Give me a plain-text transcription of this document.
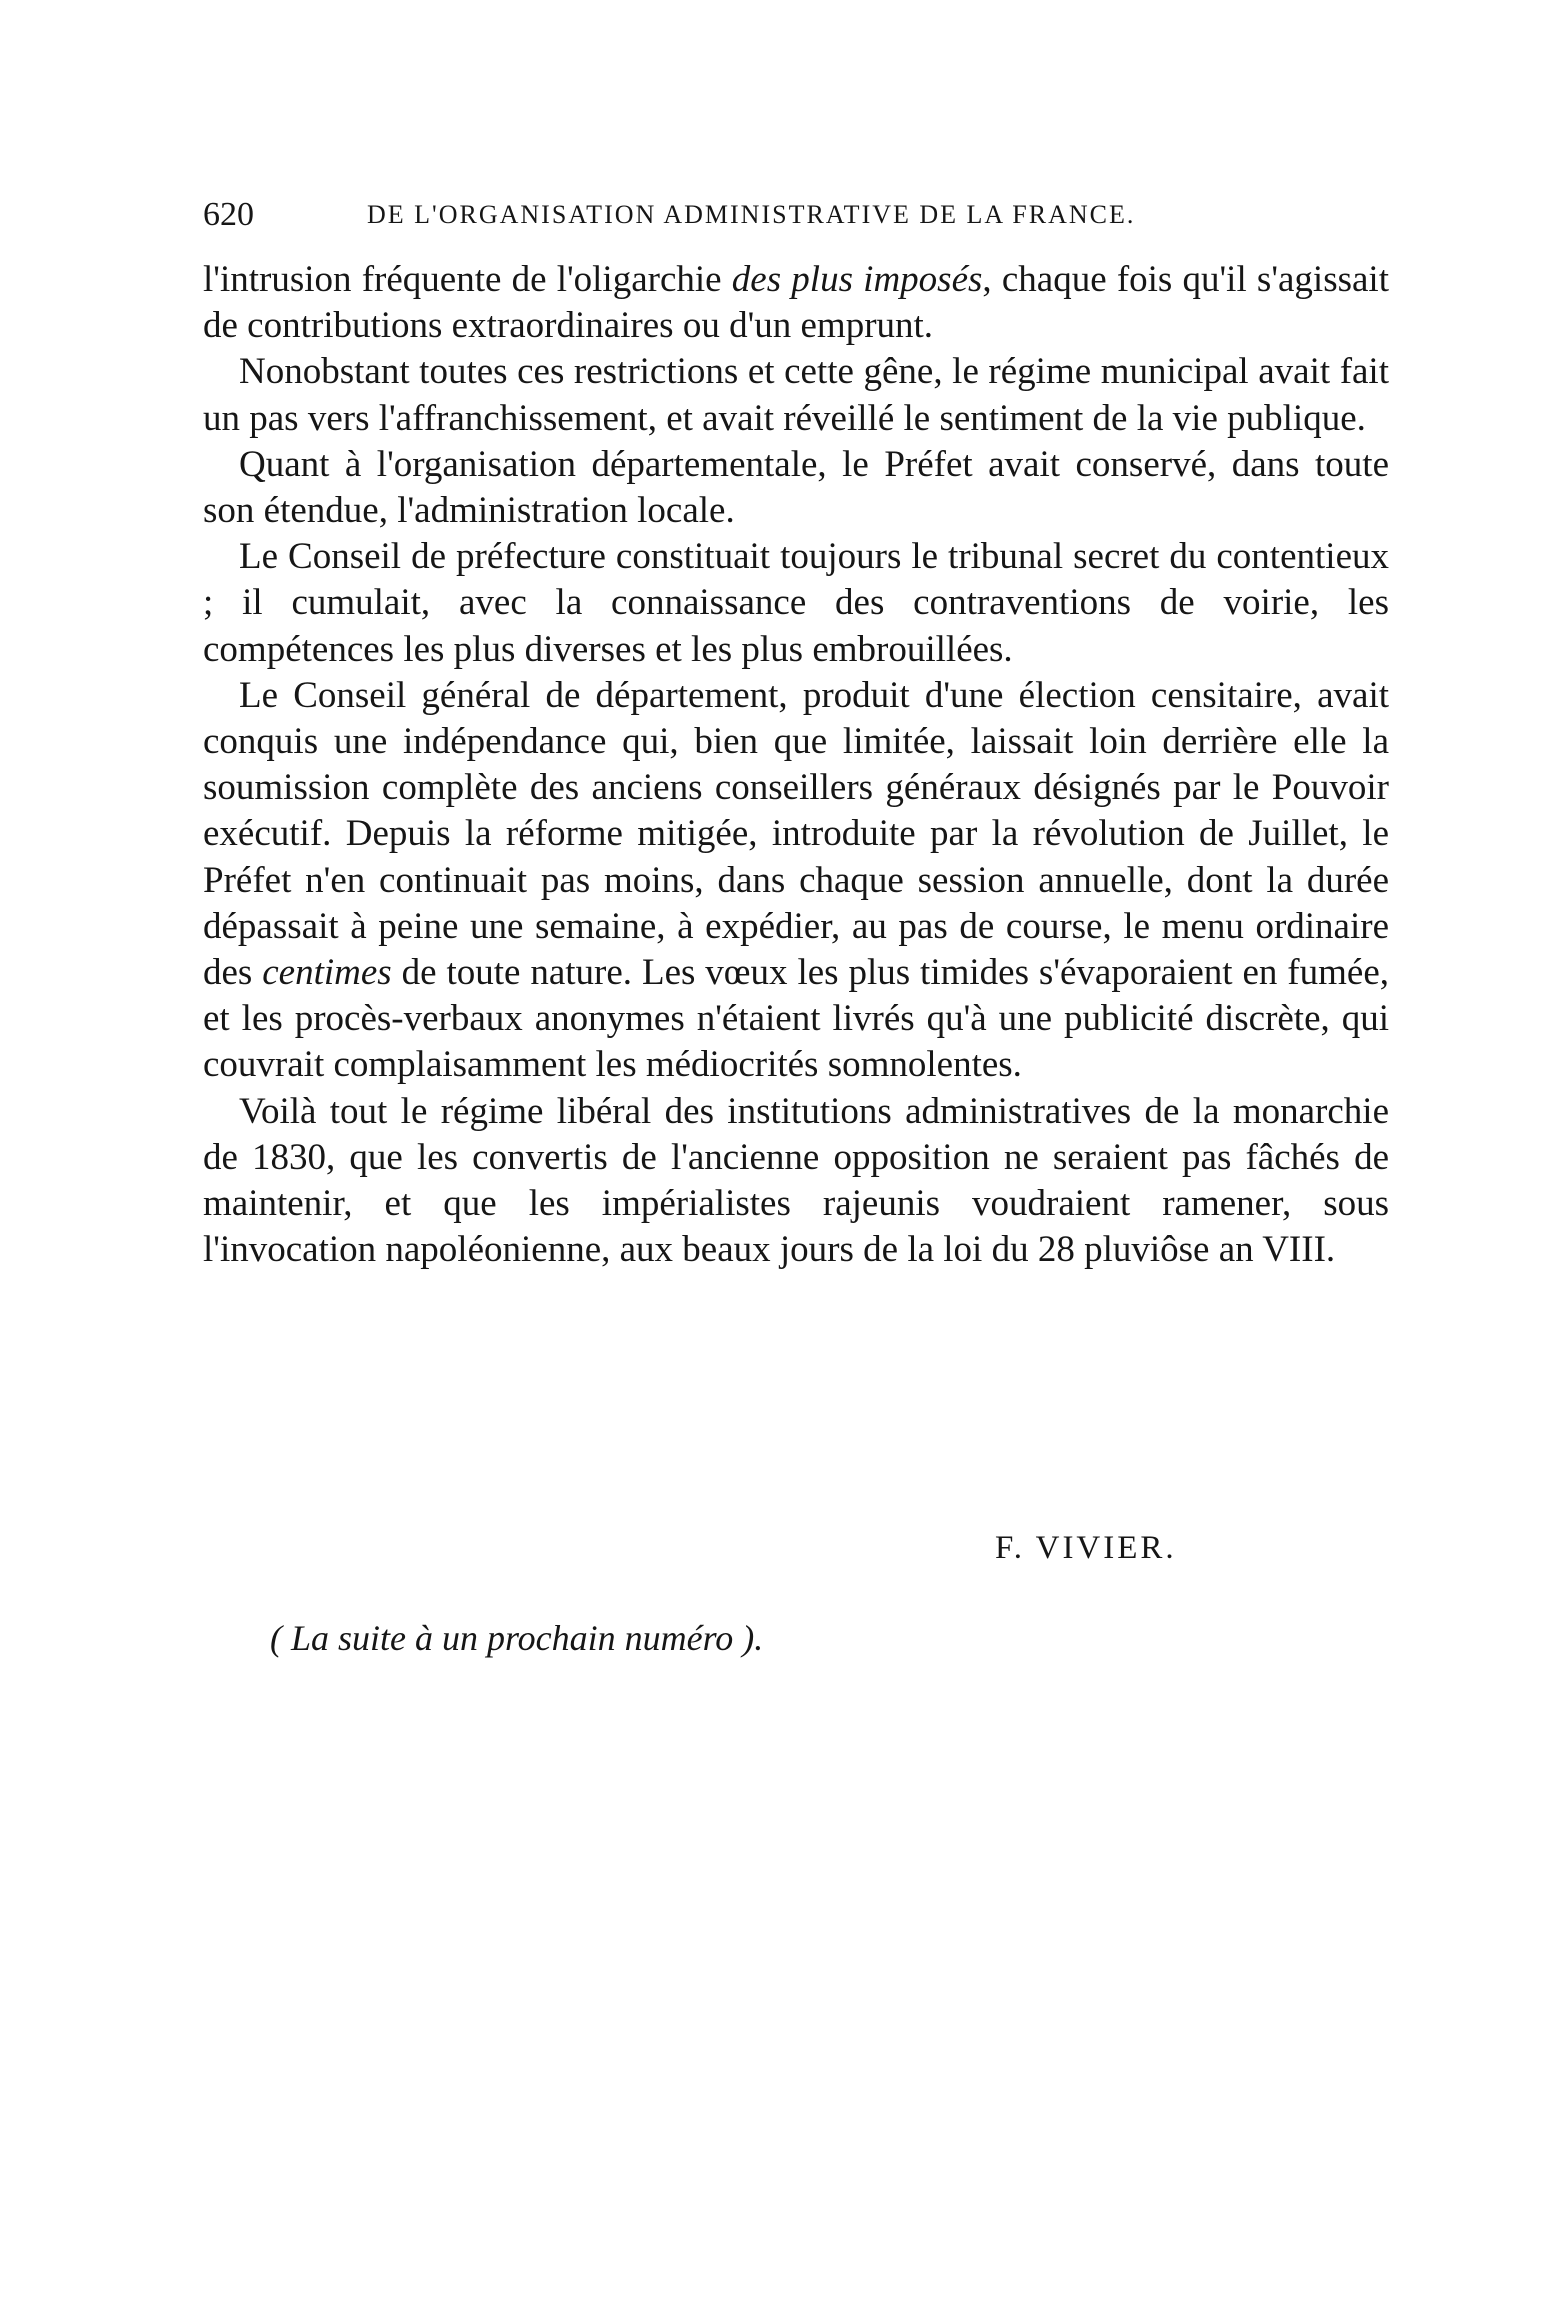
620	DE L'ORGANISATION ADMINISTRATIVE DE LA FRANCE.

l'intrusion fréquente de l'oligarchie des plus imposés, chaque fois qu'il s'agissait de contributions extraordinaires ou d'un emprunt.

Nonobstant toutes ces restrictions et cette gêne, le régime municipal avait fait un pas vers l'affranchissement, et avait réveillé le sentiment de la vie publique.

Quant à l'organisation départementale, le Préfet avait conservé, dans toute son étendue, l'administration locale.

Le Conseil de préfecture constituait toujours le tribunal secret du contentieux ; il cumulait, avec la connaissance des contraventions de voirie, les compétences les plus diverses et les plus embrouillées.

Le Conseil général de département, produit d'une élection censitaire, avait conquis une indépendance qui, bien que limitée, laissait loin derrière elle la soumission complète des anciens conseillers généraux désignés par le Pouvoir exécutif. Depuis la réforme mitigée, introduite par la révolution de Juillet, le Préfet n'en continuait pas moins, dans chaque session annuelle, dont la durée dépassait à peine une semaine, à expédier, au pas de course, le menu ordinaire des centimes de toute nature. Les vœux les plus timides s'évaporaient en fumée, et les procès-verbaux anonymes n'étaient livrés qu'à une publicité discrète, qui couvrait complaisamment les médiocrités somnolentes.

Voilà tout le régime libéral des institutions administratives de la monarchie de 1830, que les convertis de l'ancienne opposition ne seraient pas fâchés de maintenir, et que les impérialistes rajeunis voudraient ramener, sous l'invocation napoléonienne, aux beaux jours de la loi du 28 pluviôse an VIII.

F. VIVIER.
( La suite à un prochain numéro ).
